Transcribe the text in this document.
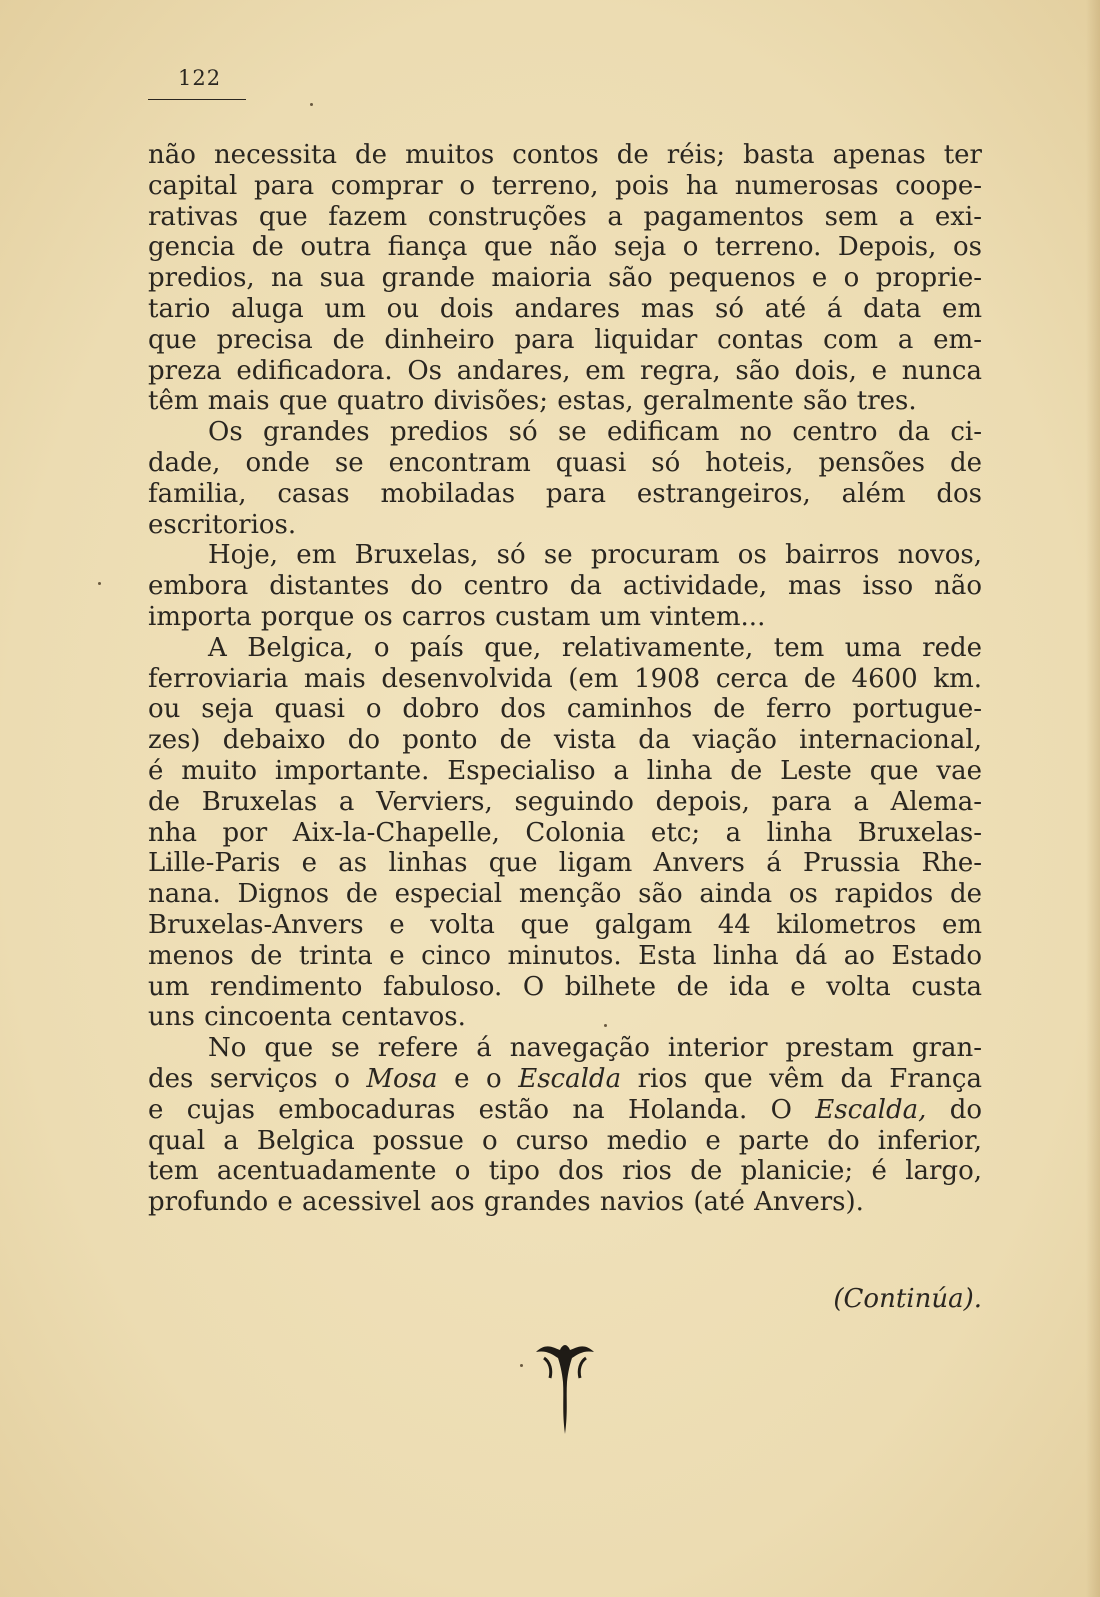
122
não necessita de muitos contos de réis; basta apenas ter
capital para comprar o terreno, pois ha numerosas coope-
rativas que fazem construções a pagamentos sem a exi-
gencia de outra fiança que não seja o terreno. Depois, os
predios, na sua grande maioria são pequenos e o proprie-
tario aluga um ou dois andares mas só até á data em
que precisa de dinheiro para liquidar contas com a em-
preza edificadora. Os andares, em regra, são dois, e nunca
têm mais que quatro divisões; estas, geralmente são tres.
Os grandes predios só se edificam no centro da ci-
dade, onde se encontram quasi só hoteis, pensões de
familia, casas mobiladas para estrangeiros, além dos
escritorios.
Hoje, em Bruxelas, só se procuram os bairros novos,
embora distantes do centro da actividade, mas isso não
importa porque os carros custam um vintem...
A Belgica, o país que, relativamente, tem uma rede
ferroviaria mais desenvolvida (em 1908 cerca de 4600 km.
ou seja quasi o dobro dos caminhos de ferro portugue-
zes) debaixo do ponto de vista da viação internacional,
é muito importante. Especialiso a linha de Leste que vae
de Bruxelas a Verviers, seguindo depois, para a Alema-
nha por Aix-la-Chapelle, Colonia etc; a linha Bruxelas-
Lille-Paris e as linhas que ligam Anvers á Prussia Rhe-
nana. Dignos de especial menção são ainda os rapidos de
Bruxelas-Anvers e volta que galgam 44 kilometros em
menos de trinta e cinco minutos. Esta linha dá ao Estado
um rendimento fabuloso. O bilhete de ida e volta custa
uns cincoenta centavos.
No que se refere á navegação interior prestam gran-
des serviços o Mosa e o Escalda rios que vêm da França
e cujas embocaduras estão na Holanda. O Escalda, do
qual a Belgica possue o curso medio e parte do inferior,
tem acentuadamente o tipo dos rios de planicie; é largo,
profundo e acessivel aos grandes navios (até Anvers).
(Continúa).
